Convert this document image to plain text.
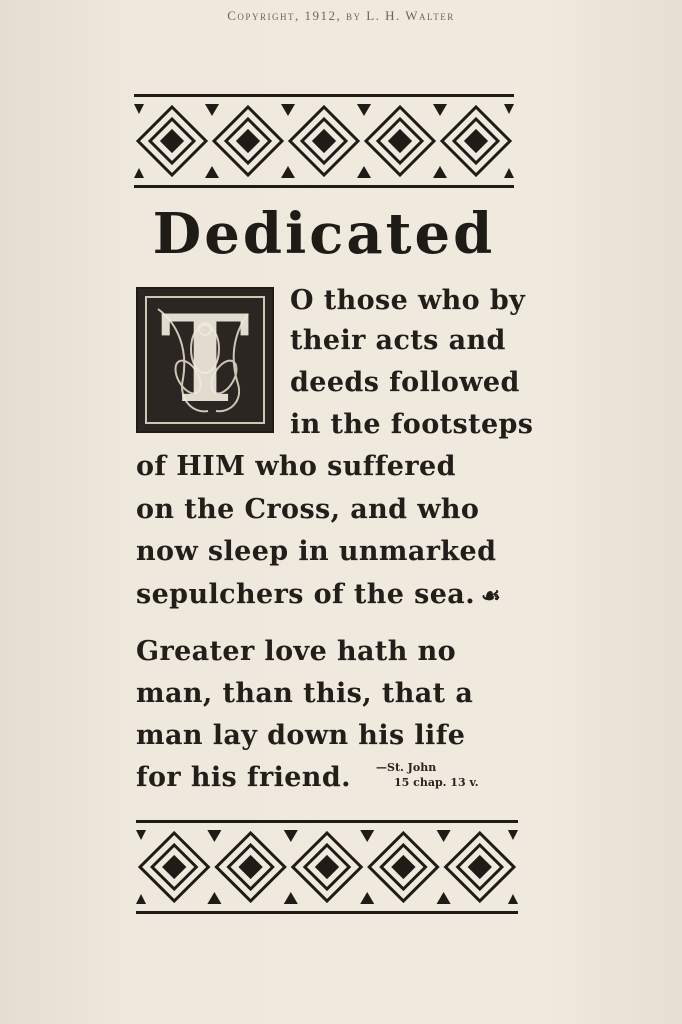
Copyright, 1912, by L. H. Walter
Dedicated
T	O those who by
their acts and
deeds followed
in the footsteps
of HIM who suffered
on the Cross, and who
now sleep in unmarked
sepulchers of the sea. ☙
Greater love hath no
man, than this, that a
man lay down his life
for his friend.	—St. John
15 chap. 13 v.
